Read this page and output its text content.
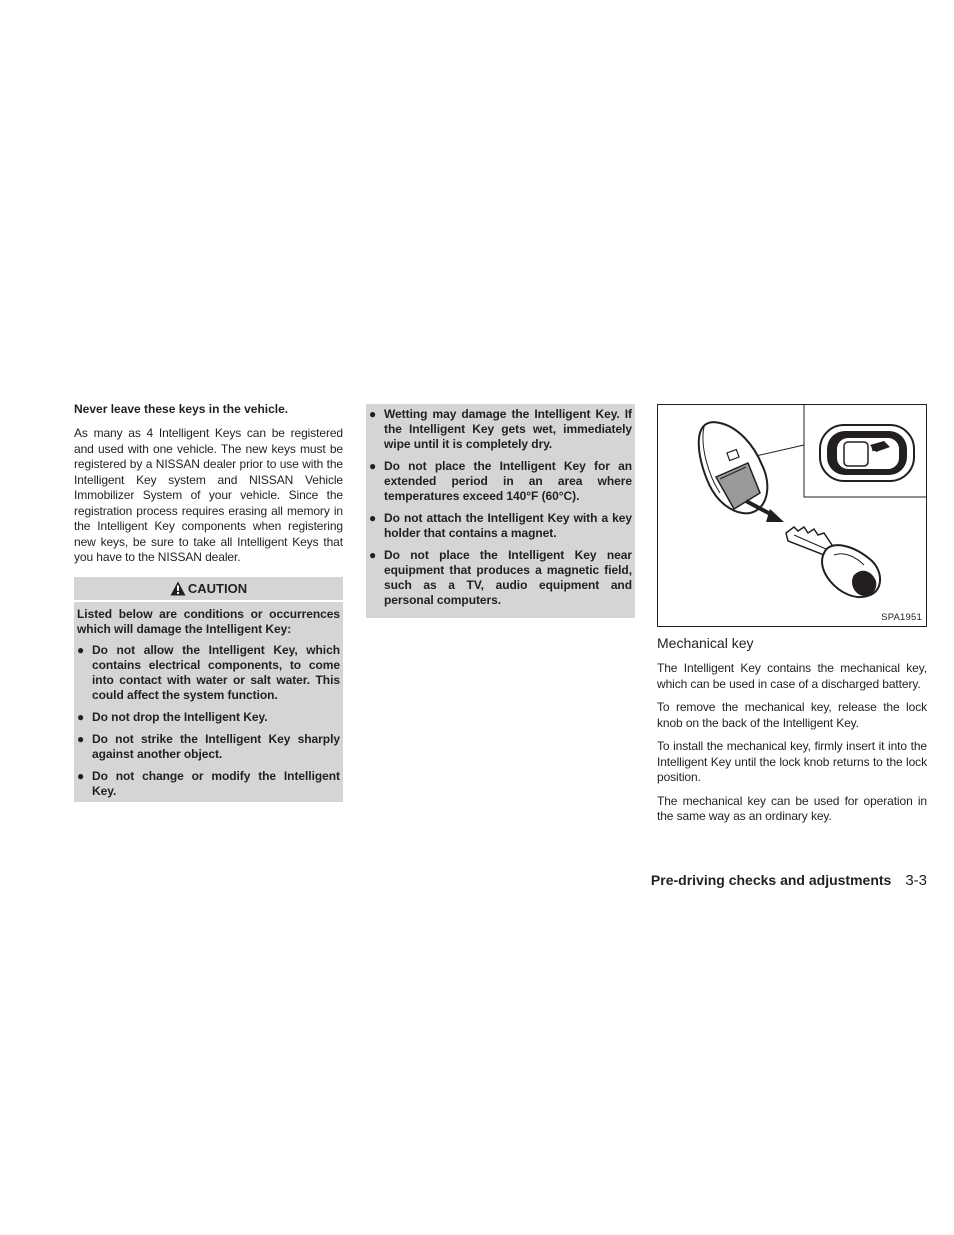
Never leave these keys in the vehicle.

As many as 4 Intelligent Keys can be registered and used with one vehicle. The new keys must be registered by a NISSAN dealer prior to use with the Intelligent Key system and NISSAN Vehicle Immobilizer System of your vehicle. Since the registration process requires erasing all memory in the Intelligent Key components when registering new keys, be sure to take all Intelligent Keys that you have to the NISSAN dealer.

CAUTION

Listed below are conditions or occurrences which will damage the Intelligent Key:

● Do not allow the Intelligent Key, which contains electrical components, to come into contact with water or salt water. This could affect the system function.
● Do not drop the Intelligent Key.
● Do not strike the Intelligent Key sharply against another object.
● Do not change or modify the Intelligent Key.
● Wetting may damage the Intelligent Key. If the Intelligent Key gets wet, immediately wipe until it is completely dry.
● Do not place the Intelligent Key for an extended period in an area where temperatures exceed 140°F (60°C).
● Do not attach the Intelligent Key with a key holder that contains a magnet.
● Do not place the Intelligent Key near equipment that produces a magnetic field, such as a TV, audio equipment and personal computers.
SPA1951

Mechanical key

The Intelligent Key contains the mechanical key, which can be used in case of a discharged battery.

To remove the mechanical key, release the lock knob on the back of the Intelligent Key.

To install the mechanical key, firmly insert it into the Intelligent Key until the lock knob returns to the lock position.

The mechanical key can be used for operation in the same way as an ordinary key.

Pre-driving checks and adjustments 3-3
